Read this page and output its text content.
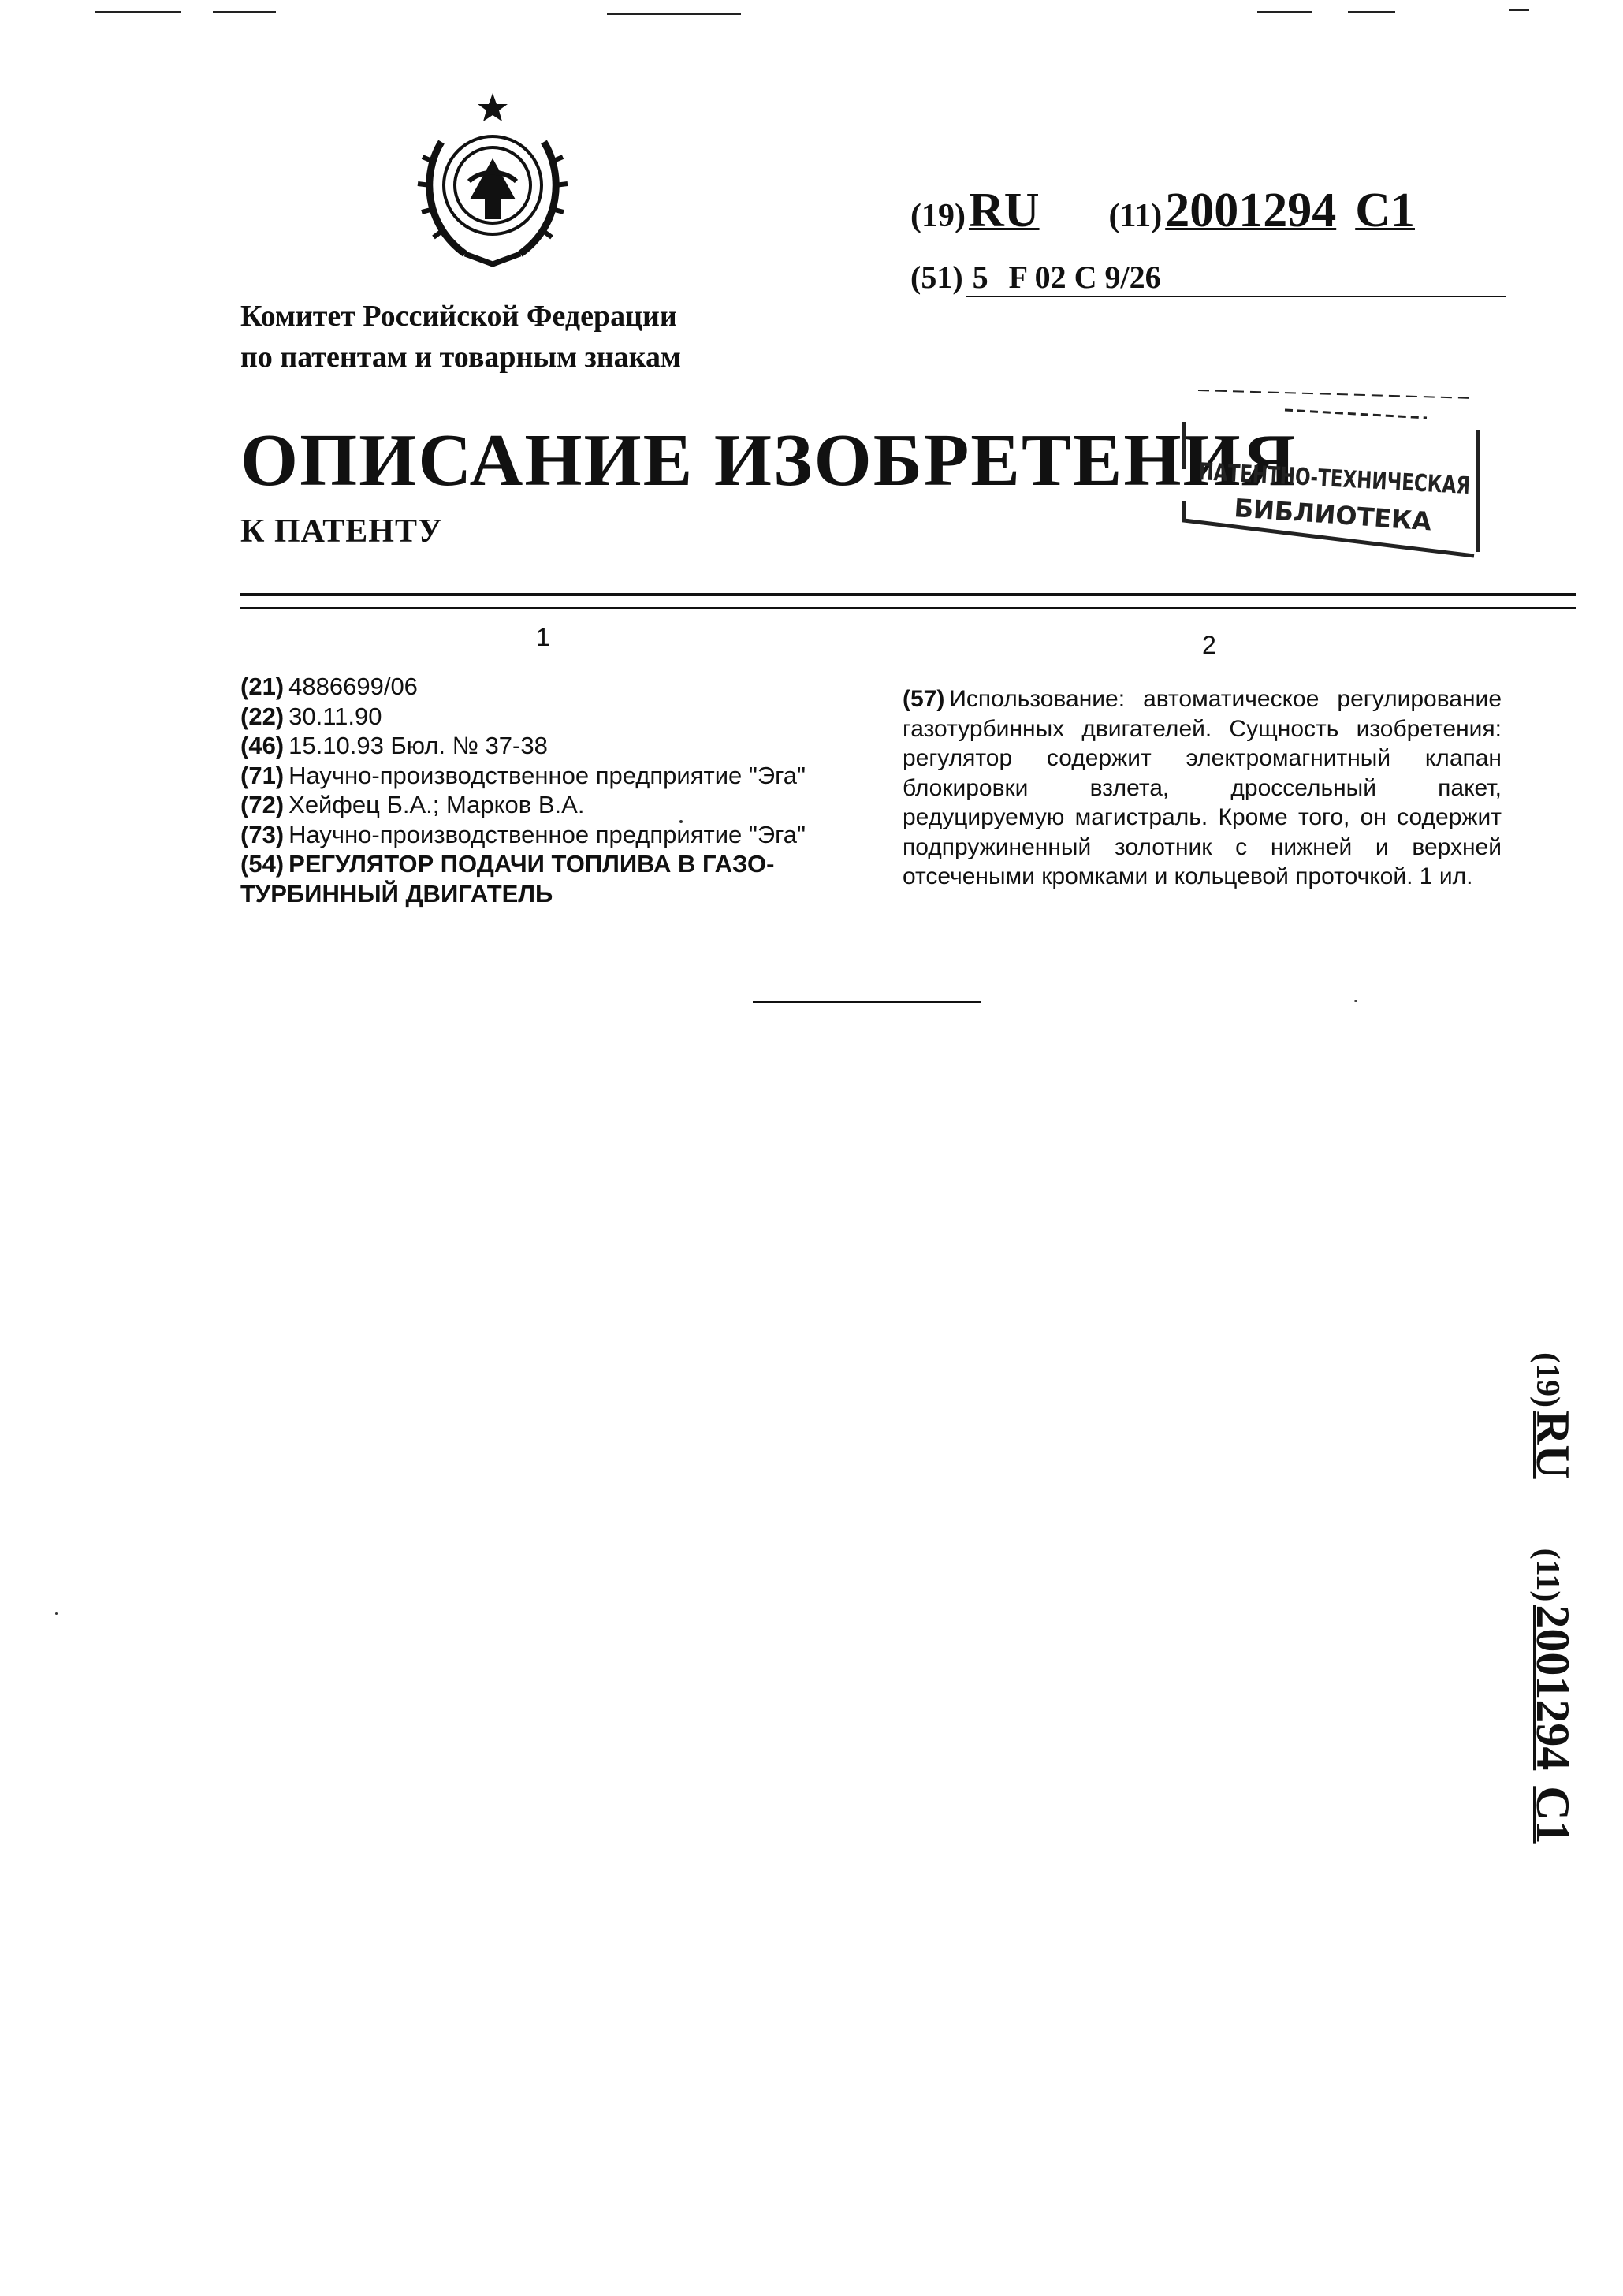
Комитет Российской Федерации
по патентам и товарным знакам
(19) RU (11) 2001294 C1
(51) 5 F 02 C 9/26
ОПИСАНИЕ ИЗОБРЕТЕНИЯ
К ПАТЕНТУ
ПАТЕНТНО-ТЕХНИЧЕСКАЯ
БИБЛИОТЕКА
1	2
(21) 4886699/06
(22) 30.11.90
(46) 15.10.93 Бюл. № 37-38
(71) Научно-производственное предприятие "Эга"
(72) Хейфец Б.А.; Марков В.А.
(73) Научно-производственное предприятие "Эга"
(54) РЕГУЛЯТОР ПОДАЧИ ТОПЛИВА В ГАЗО-ТУРБИННЫЙ ДВИГАТЕЛЬ
(57) Использование: автоматическое регулирование газотурбинных двигателей. Сущность изобретения: регулятор содержит электромагнитный клапан блокировки взлета, дроссельный пакет, редуцируемую магистраль. Кроме того, он содержит подпружиненный золотник с нижней и верхней отсечеными кромками и кольцевой проточкой. 1 ил.
(19) RU  (11) 2001294 C1
